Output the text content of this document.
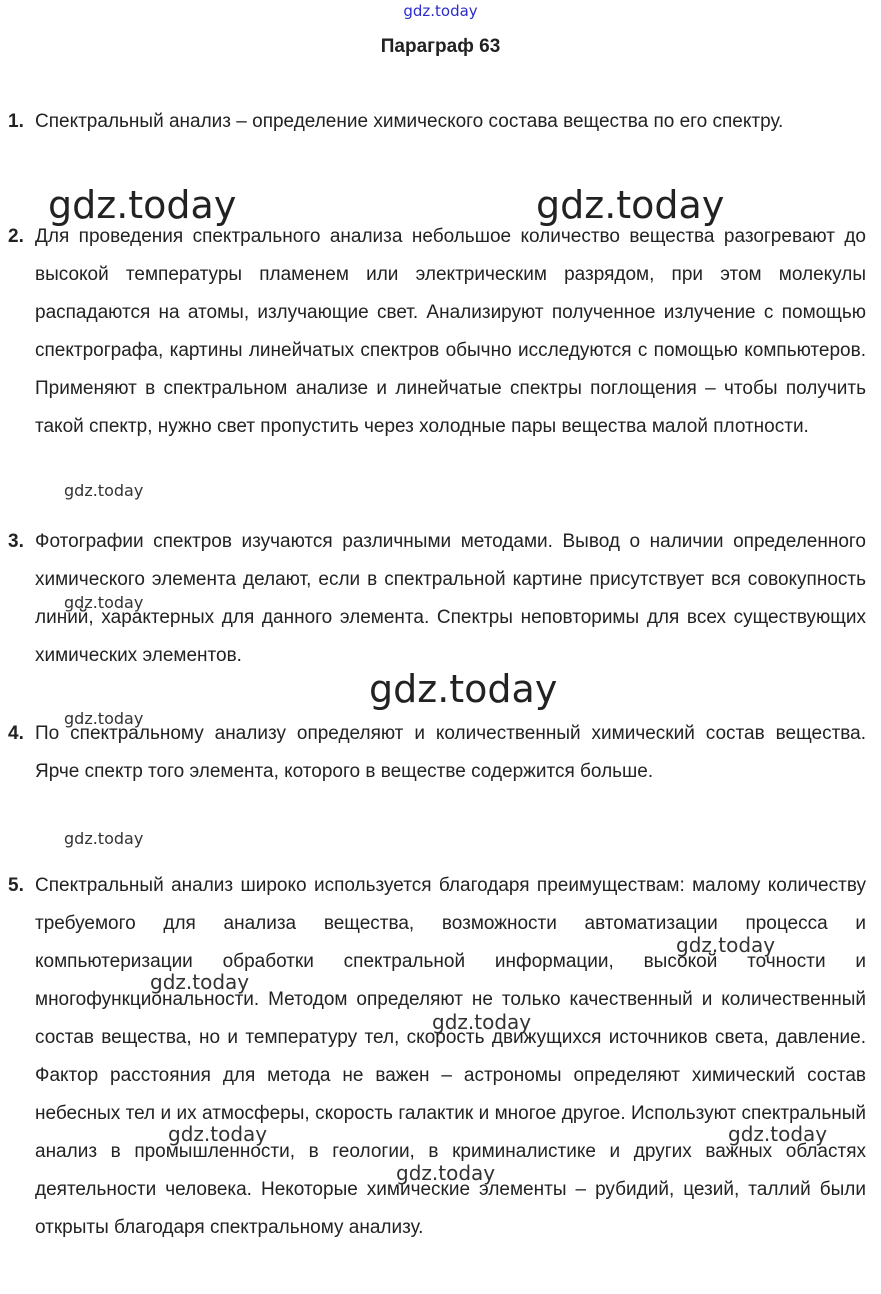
gdz.today
Параграф 63
1. Спектральный анализ – определение химического состава вещества по его спектру.
2. Для проведения спектрального анализа небольшое количество вещества разогревают до высокой температуры пламенем или электрическим разрядом, при этом молекулы распадаются на атомы, излучающие свет. Анализируют полученное излучение с помощью спектрографа, картины линейчатых спектров обычно исследуются с помощью компьютеров. Применяют в спектральном анализе и линейчатые спектры поглощения – чтобы получить такой спектр, нужно свет пропустить через холодные пары вещества малой плотности.
3. Фотографии спектров изучаются различными методами. Вывод о наличии определенного химического элемента делают, если в спектральной картине присутствует вся совокупность линий, характерных для данного элемента. Спектры неповторимы для всех существующих химических элементов.
4. По спектральному анализу определяют и количественный химический состав вещества. Ярче спектр того элемента, которого в веществе содержится больше.
5. Спектральный анализ широко используется благодаря преимуществам: малому количеству требуемого для анализа вещества, возможности автоматизации процесса и компьютеризации обработки спектральной информации, высокой точности и многофункциональности. Методом определяют не только качественный и количественный состав вещества, но и температуру тел, скорость движущихся источников света, давление. Фактор расстояния для метода не важен – астрономы определяют химический состав небесных тел и их атмосферы, скорость галактик и многое другое. Используют спектральный анализ в промышленности, в геологии, в криминалистике и других важных областях деятельности человека. Некоторые химические элементы – рубидий, цезий, таллий были открыты благодаря спектральному анализу.
gdz.today	gdz.today
gdz.today
gdz.today
gdz.today
gdz.today
gdz.today
gdz.today
gdz.today
gdz.today
gdz.today	gdz.today
gdz.today
